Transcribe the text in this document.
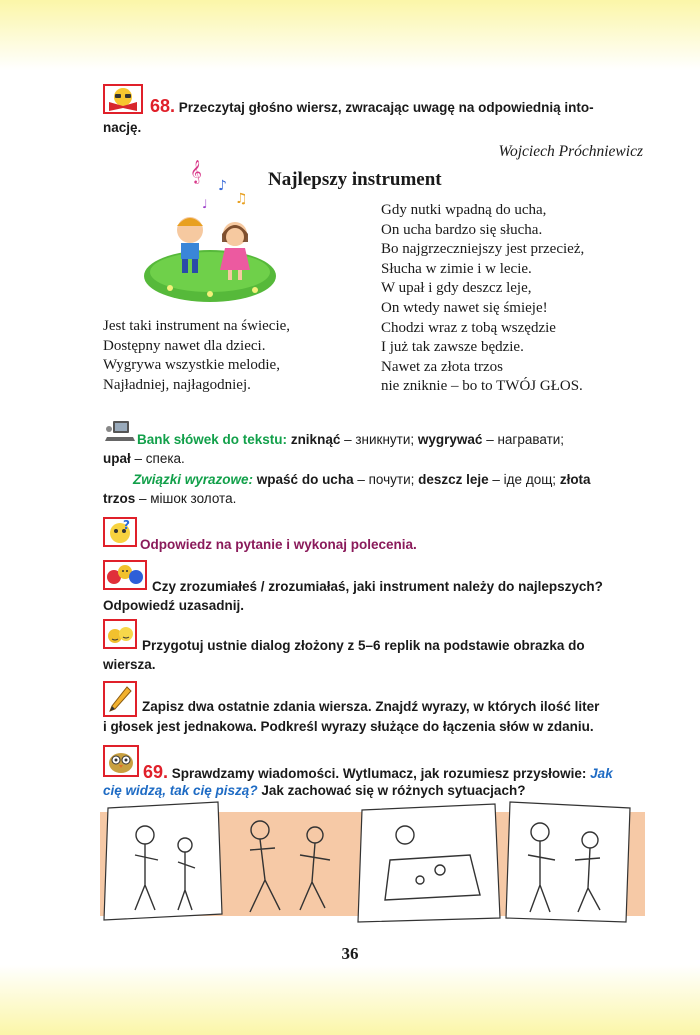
68. Przeczytaj głośno wiersz, zwracając uwagę na odpowiednią into-
nację.
Wojciech Próchniewicz
Najlepszy instrument
𝄞
♪
♫
♩
Jest taki instrument na świecie,
Dostępny nawet dla dzieci.
Wygrywa wszystkie melodie,
Najładniej, najłagodniej.
Gdy nutki wpadną do ucha,
On ucha bardzo się słucha.
Bo najgrzeczniejszy jest przecież,
Słucha w zimie i w lecie.
W upał i gdy deszcz leje,
On wtedy nawet się śmieje!
Chodzi wraz z tobą wszędzie
I już tak zawsze będzie.
Nawet za złota trzos
nie zniknie – bo to TWÓJ GŁOS.
Bank słówek do tekstu: zniknąć – зникнути; wygrywać – награвати;
upał – спека.
Związki wyrazowe: wpaść do ucha – почути; deszcz leje – іде дощ; złota
trzos – мішок золота.
?
Odpowiedz na pytanie i wykonaj polecenia.
Czy zrozumiałeś / zrozumiałaś, jaki instrument należy do najlepszych?
Odpowiedź uzasadnij.
Przygotuj ustnie dialog złożony z 5–6 replik na podstawie obrazka do
wiersza.
Zapisz dwa ostatnie zdania wiersza. Znajdź wyrazy, w których ilość liter
i głosek jest jednakowa. Podkreśl wyrazy służące do łączenia słów w zdaniu.
69. Sprawdzamy wiadomości. Wytlumacz, jak rozumiesz przysłowie: Jak
cię widzą, tak cię piszą? Jak zachować się w różnych sytuacjach?
36
